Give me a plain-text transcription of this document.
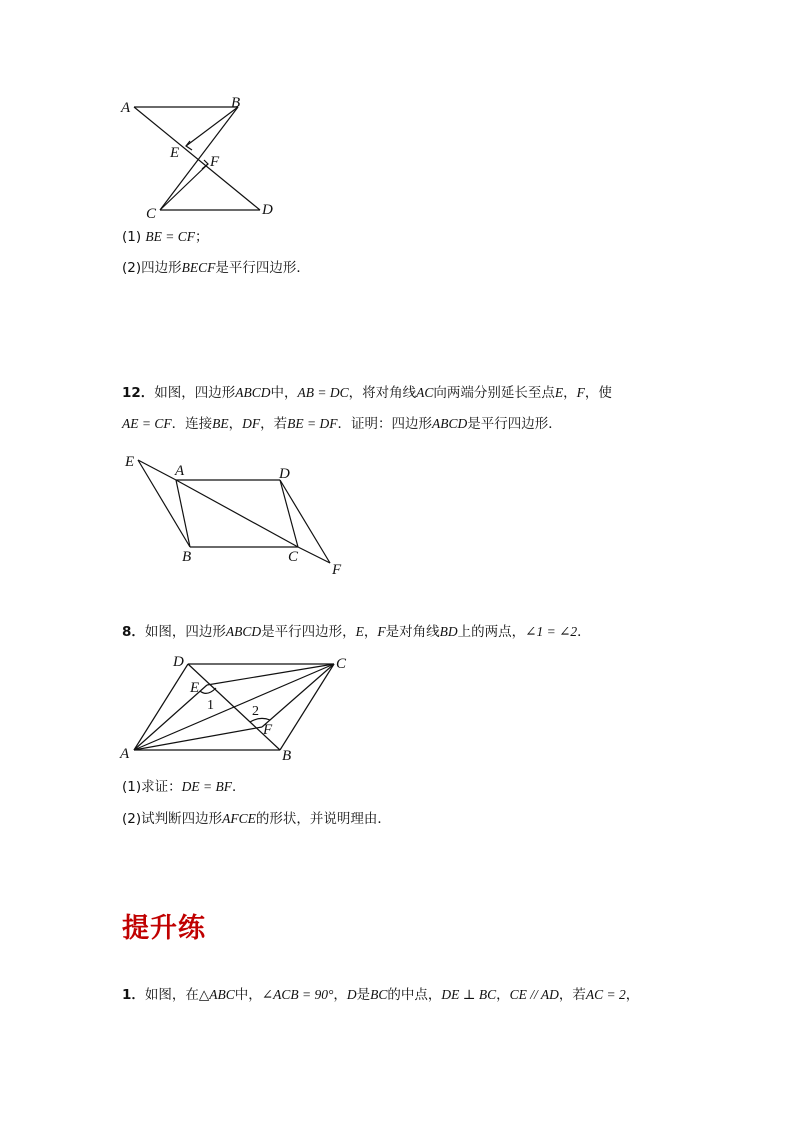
A	B
C	D
E
F
(1) BE = CF；
(2)四边形BECF是平行四边形．
12．如图，四边形ABCD中，AB = DC，将对角线AC向两端分别延长至点E，F，使
AE = CF．连接BE，DF，若BE = DF．证明：四边形ABCD是平行四边形．
E
A	D
B	C
F
8．如图，四边形ABCD是平行四边形，E，F是对角线BD上的两点，∠1 = ∠2．
D	C
E
F
A	B
1	2
(1)求证：DE = BF．
(2)试判断四边形AFCE的形状，并说明理由．
提升练
1．如图，在△ABC中，∠ACB = 90°，D是BC的中点，DE ⊥ BC，CE // AD，若AC = 2，
